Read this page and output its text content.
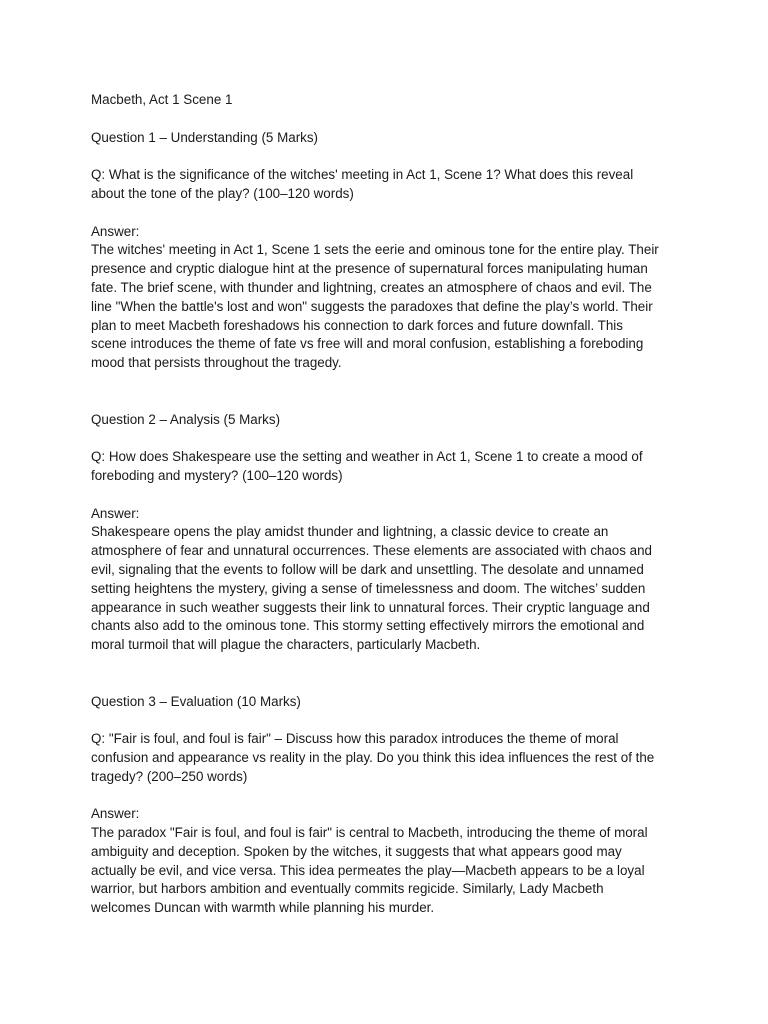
Macbeth, Act 1 Scene 1

Question 1 – Understanding (5 Marks)

Q: What is the significance of the witches' meeting in Act 1, Scene 1? What does this reveal

about the tone of the play? (100–120 words)

Answer:

The witches' meeting in Act 1, Scene 1 sets the eerie and ominous tone for the entire play. Their

presence and cryptic dialogue hint at the presence of supernatural forces manipulating human

fate. The brief scene, with thunder and lightning, creates an atmosphere of chaos and evil. The

line "When the battle's lost and won" suggests the paradoxes that define the play’s world. Their

plan to meet Macbeth foreshadows his connection to dark forces and future downfall. This

scene introduces the theme of fate vs free will and moral confusion, establishing a foreboding

mood that persists throughout the tragedy.

Question 2 – Analysis (5 Marks)

Q: How does Shakespeare use the setting and weather in Act 1, Scene 1 to create a mood of

foreboding and mystery? (100–120 words)

Answer:

Shakespeare opens the play amidst thunder and lightning, a classic device to create an

atmosphere of fear and unnatural occurrences. These elements are associated with chaos and

evil, signaling that the events to follow will be dark and unsettling. The desolate and unnamed

setting heightens the mystery, giving a sense of timelessness and doom. The witches’ sudden

appearance in such weather suggests their link to unnatural forces. Their cryptic language and

chants also add to the ominous tone. This stormy setting effectively mirrors the emotional and

moral turmoil that will plague the characters, particularly Macbeth.

Question 3 – Evaluation (10 Marks)

Q: "Fair is foul, and foul is fair" – Discuss how this paradox introduces the theme of moral

confusion and appearance vs reality in the play. Do you think this idea influences the rest of the

tragedy? (200–250 words)

Answer:

The paradox "Fair is foul, and foul is fair" is central to Macbeth, introducing the theme of moral

ambiguity and deception. Spoken by the witches, it suggests that what appears good may

actually be evil, and vice versa. This idea permeates the play—Macbeth appears to be a loyal

warrior, but harbors ambition and eventually commits regicide. Similarly, Lady Macbeth

welcomes Duncan with warmth while planning his murder.
